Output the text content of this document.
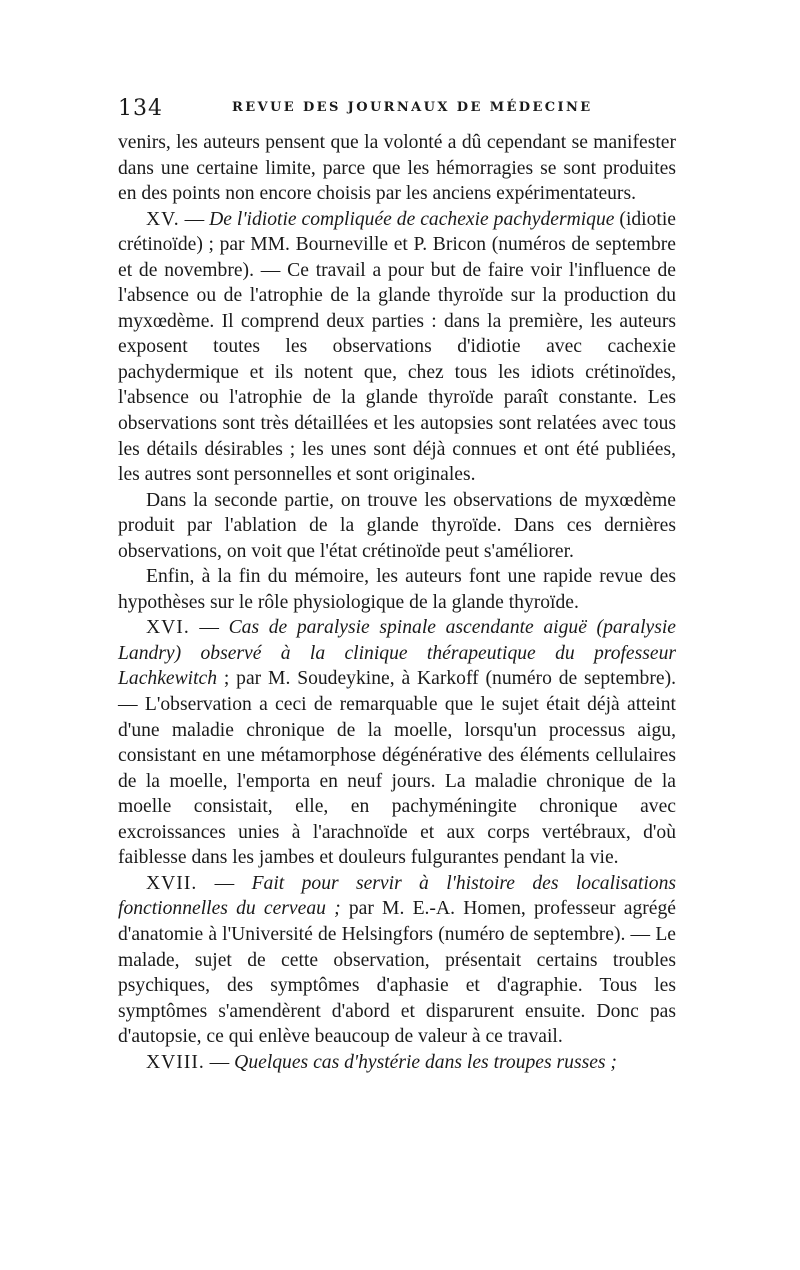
134	REVUE DES JOURNAUX DE MÉDECINE

venirs, les auteurs pensent que la volonté a dû cependant se manifester dans une certaine limite, parce que les hémorragies se sont produites en des points non encore choisis par les anciens expérimentateurs.

XV. — De l'idiotie compliquée de cachexie pachydermique (idiotie crétinoïde) ; par MM. Bourneville et P. Bricon (numéros de septembre et de novembre). — Ce travail a pour but de faire voir l'influence de l'absence ou de l'atrophie de la glande thyroïde sur la production du myxœdème. Il comprend deux parties : dans la première, les auteurs exposent toutes les observations d'idiotie avec cachexie pachydermique et ils notent que, chez tous les idiots crétinoïdes, l'absence ou l'atrophie de la glande thyroïde paraît constante. Les observations sont très détaillées et les autopsies sont relatées avec tous les détails désirables ; les unes sont déjà connues et ont été publiées, les autres sont personnelles et sont originales.

Dans la seconde partie, on trouve les observations de myxœdème produit par l'ablation de la glande thyroïde. Dans ces dernières observations, on voit que l'état crétinoïde peut s'améliorer.

Enfin, à la fin du mémoire, les auteurs font une rapide revue des hypothèses sur le rôle physiologique de la glande thyroïde.

XVI. — Cas de paralysie spinale ascendante aiguë (paralysie Landry) observé à la clinique thérapeutique du professeur Lachkewitch ; par M. Soudeykine, à Karkoff (numéro de septembre). — L'observation a ceci de remarquable que le sujet était déjà atteint d'une maladie chronique de la moelle, lorsqu'un processus aigu, consistant en une métamorphose dégénérative des éléments cellulaires de la moelle, l'emporta en neuf jours. La maladie chronique de la moelle consistait, elle, en pachyméningite chronique avec excroissances unies à l'arachnoïde et aux corps vertébraux, d'où faiblesse dans les jambes et douleurs fulgurantes pendant la vie.

XVII. — Fait pour servir à l'histoire des localisations fonctionnelles du cerveau ; par M. E.-A. Homen, professeur agrégé d'anatomie à l'Université de Helsingfors (numéro de septembre). — Le malade, sujet de cette observation, présentait certains troubles psychiques, des symptômes d'aphasie et d'agraphie. Tous les symptômes s'amendèrent d'abord et disparurent ensuite. Donc pas d'autopsie, ce qui enlève beaucoup de valeur à ce travail.

XVIII. — Quelques cas d'hystérie dans les troupes russes ;
